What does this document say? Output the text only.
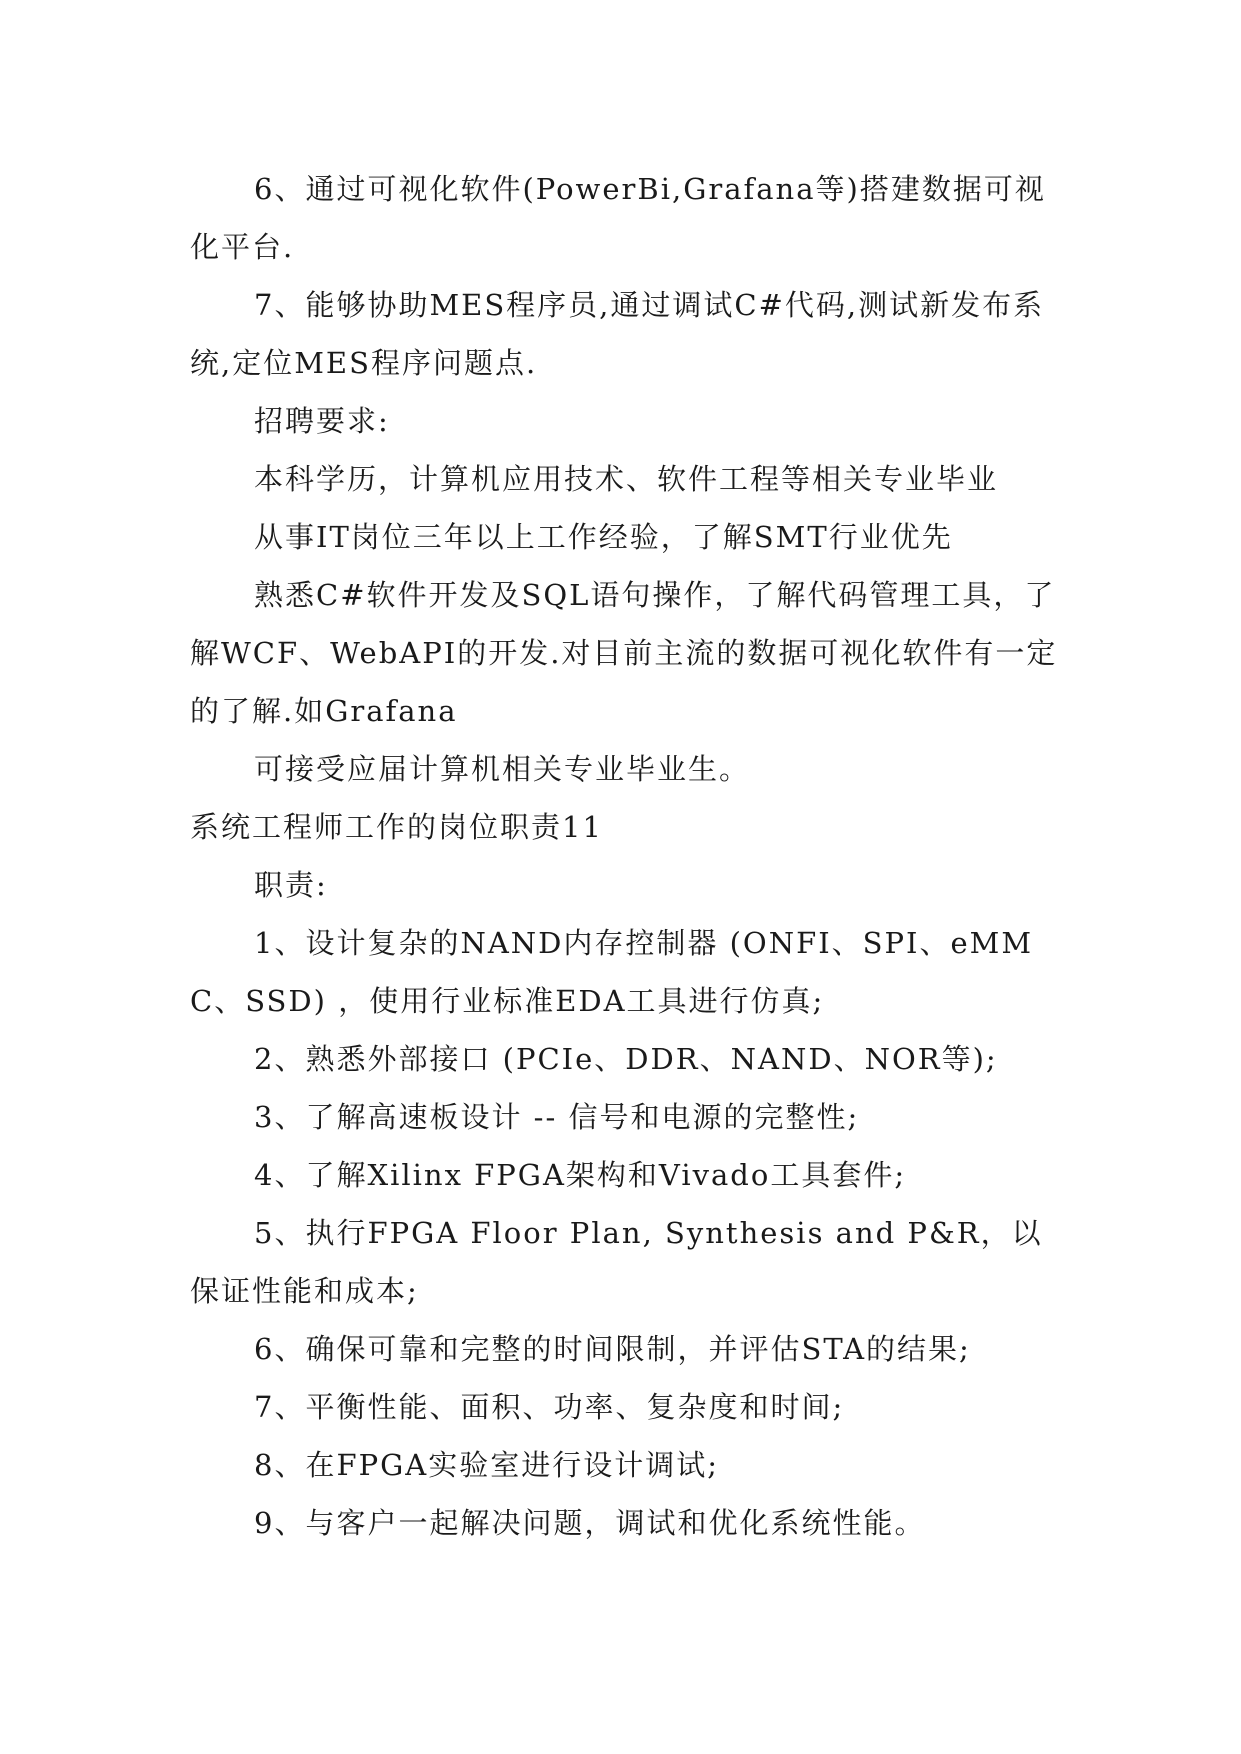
6、通过可视化软件(PowerBi,Grafana等)搭建数据可视化平台.

7、能够协助MES程序员,通过调试C#代码,测试新发布系统,定位MES程序问题点.

招聘要求:

本科学历，计算机应用技术、软件工程等相关专业毕业

从事IT岗位三年以上工作经验，了解SMT行业优先

熟悉C#软件开发及SQL语句操作，了解代码管理工具，了解WCF、WebAPI的开发.对目前主流的数据可视化软件有一定的了解.如Grafana

可接受应届计算机相关专业毕业生。

系统工程师工作的岗位职责11

职责:

1、设计复杂的NAND内存控制器 (ONFI、SPI、eMMC、SSD) ，使用行业标准EDA工具进行仿真;

2、熟悉外部接口 (PCIe、DDR、NAND、NOR等);

3、了解高速板设计 -- 信号和电源的完整性;

4、了解Xilinx FPGA架构和Vivado工具套件;

5、执行FPGA Floor Plan, Synthesis and P&R，以保证性能和成本;

6、确保可靠和完整的时间限制，并评估STA的结果;

7、平衡性能、面积、功率、复杂度和时间;

8、在FPGA实验室进行设计调试;

9、与客户一起解决问题，调试和优化系统性能。
